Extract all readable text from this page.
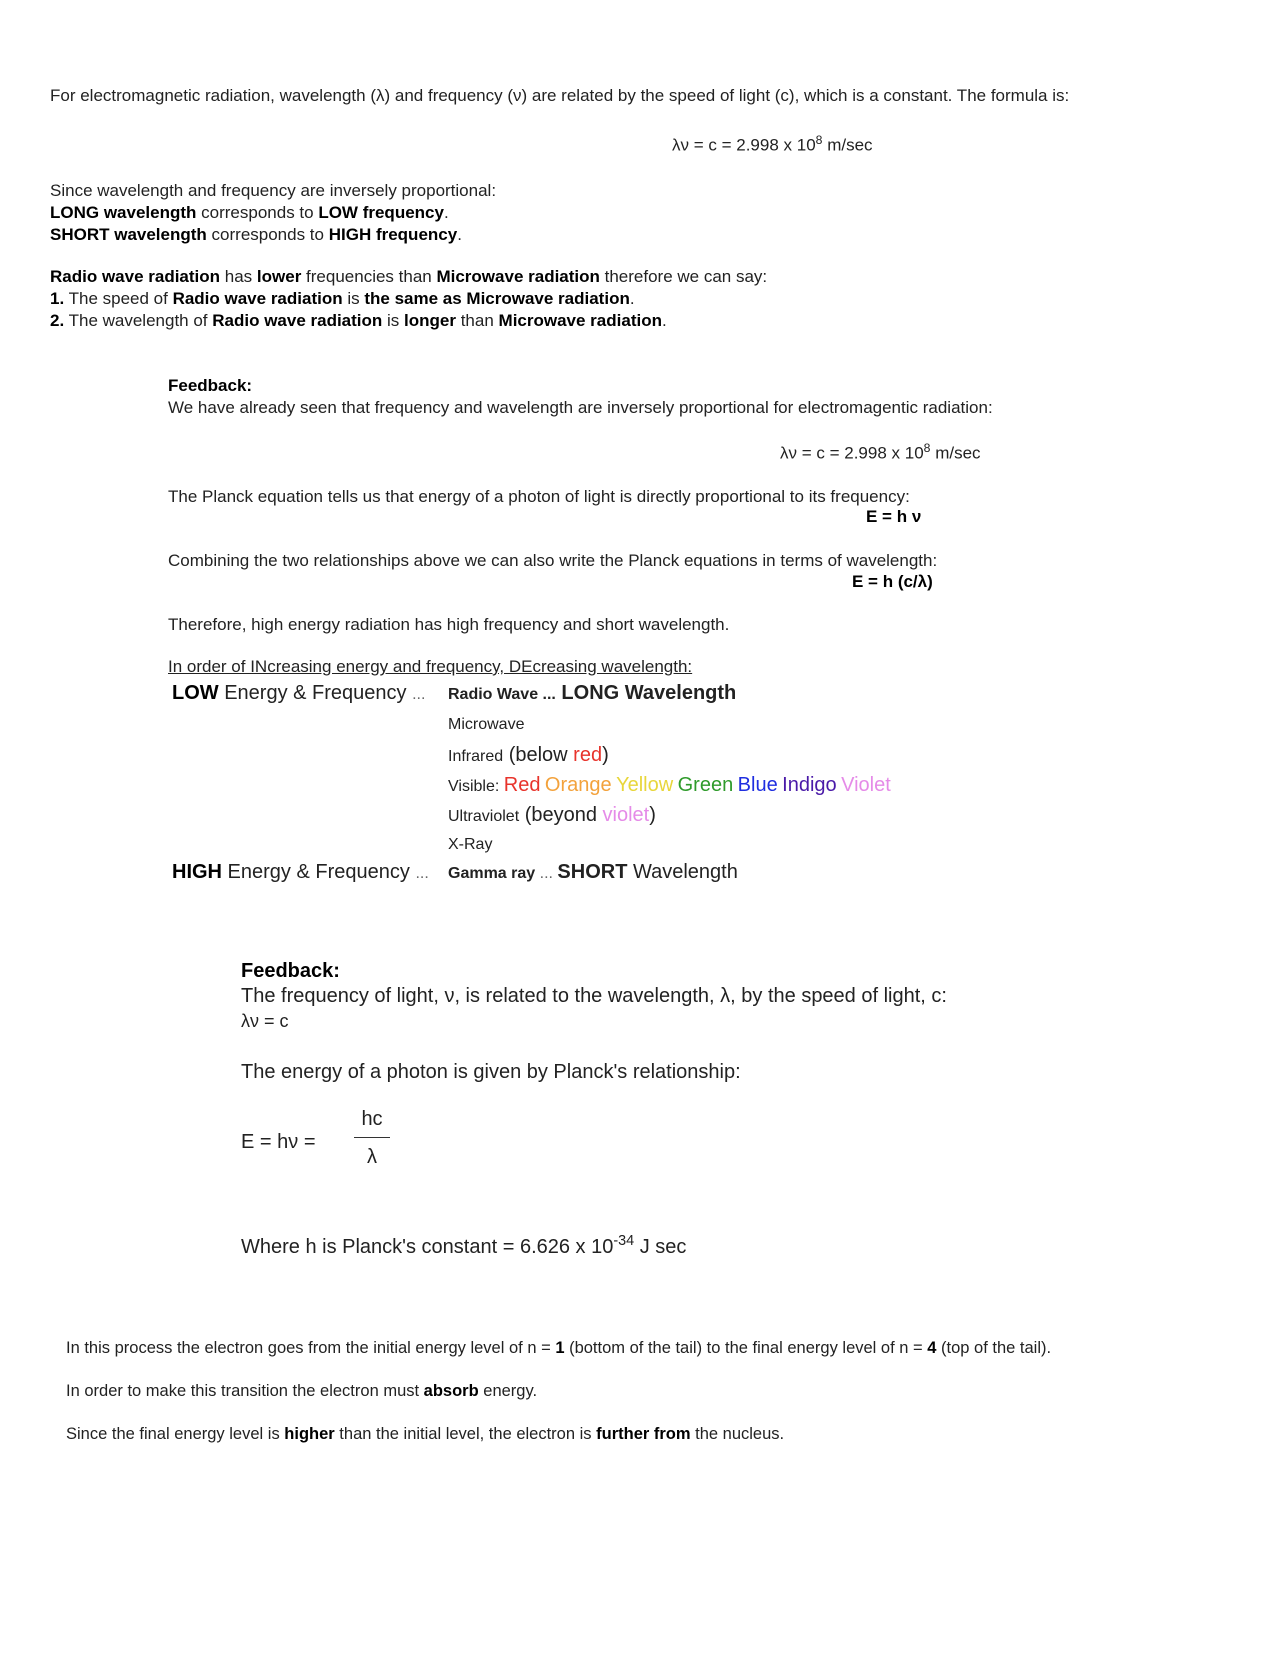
For electromagnetic radiation, wavelength (λ) and frequency (ν) are related by the speed of light (c), which is a constant. The formula is:
λν = c = 2.998 x $10^8$ m/sec
Since wavelength and frequency are inversely proportional:
LONG wavelength corresponds to LOW frequency.
SHORT wavelength corresponds to HIGH frequency.
Radio wave radiation has lower frequencies than Microwave radiation therefore we can say:
1. The speed of Radio wave radiation is the same as Microwave radiation.
2. The wavelength of Radio wave radiation is longer than Microwave radiation.
Feedback:
We have already seen that frequency and wavelength are inversely proportional for electromagentic radiation:
λν = c = 2.998 x $10^8$ m/sec
The Planck equation tells us that energy of a photon of light is directly proportional to its frequency:
E = h ν
Combining the two relationships above we can also write the Planck equations in terms of wavelength:
E = h (c/λ)
Therefore, high energy radiation has high frequency and short wavelength.
In order of INcreasing energy and frequency, DEcreasing wavelength:
LOW Energy & Frequency ... Radio Wave ... LONG Wavelength
Microwave
Infrared (below red)
Visible: Red Orange Yellow Green Blue Indigo Violet
Ultraviolet (beyond violet)
X-Ray
HIGH Energy & Frequency ... Gamma ray ... SHORT Wavelength
Feedback:
The frequency of light, ν, is related to the wavelength, λ, by the speed of light, c:
λν = c
The energy of a photon is given by Planck's relationship:
E = hν =
hc
λ
Where h is Planck's constant = 6.626 x $10^{-34}$ J sec
In this process the electron goes from the initial energy level of n = 1 (bottom of the tail) to the final energy level of n = 4 (top of the tail).
In order to make this transition the electron must absorb energy.
Since the final energy level is higher than the initial level, the electron is further from the nucleus.
